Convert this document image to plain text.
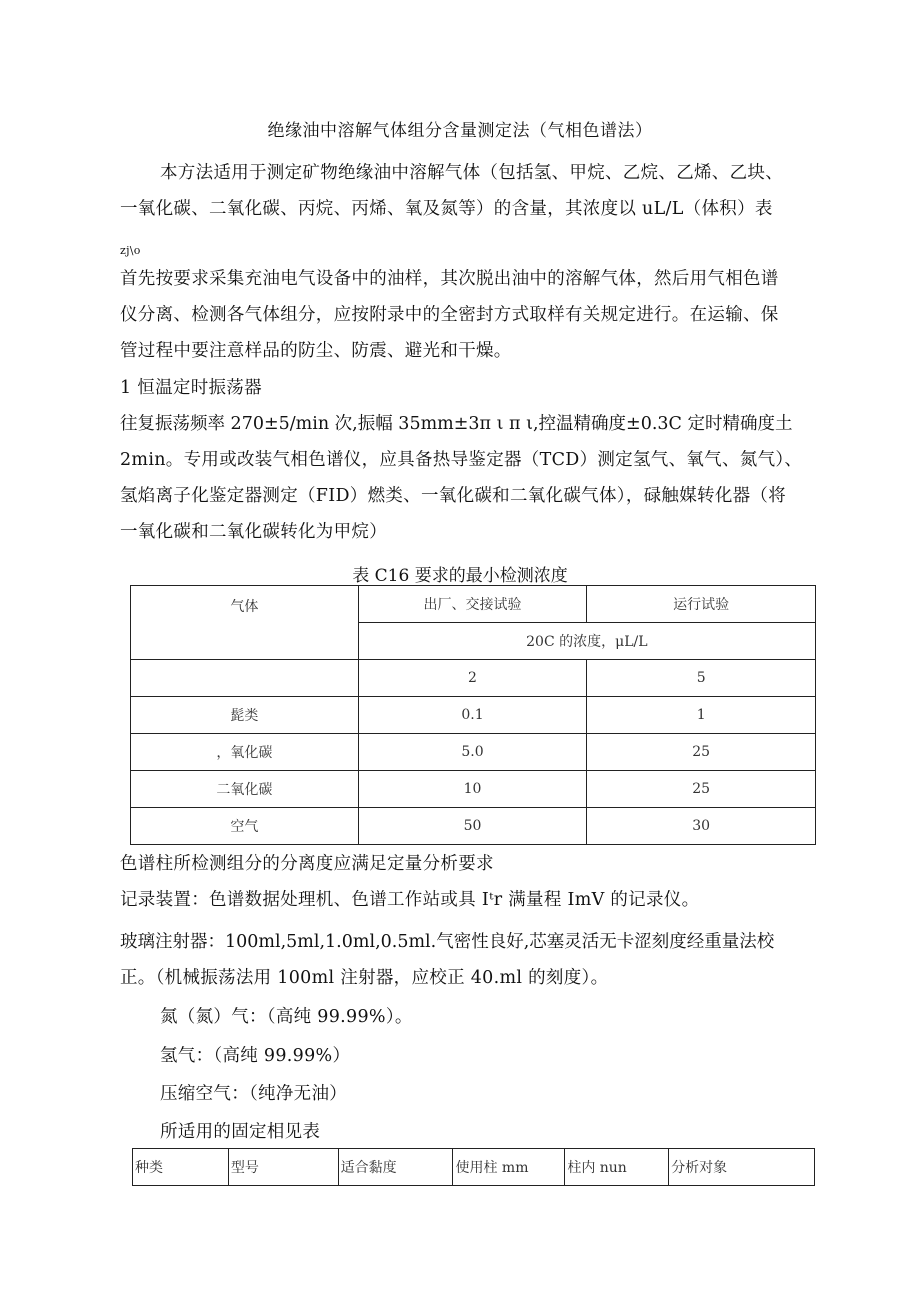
绝缘油中溶解气体组分含量测定法（气相色谱法）
本方法适用于测定矿物绝缘油中溶解气体（包括氢、甲烷、乙烷、乙烯、乙块、
一氧化碳、二氧化碳、丙烷、丙烯、氧及氮等）的含量，其浓度以 uL/L（体积）表
zj\o
首先按要求采集充油电气设备中的油样，其次脱出油中的溶解气体，然后用气相色谱
仪分离、检测各气体组分，应按附录中的全密封方式取样有关规定进行。在运输、保
管过程中要注意样品的防尘、防震、避光和干燥。
1 恒温定时振荡器
往复振荡频率 270±5/min 次,振幅 35mm±3π ι π ι,控温精确度±0.3C 定时精确度土
2min。专用或改装气相色谱仪，应具备热导鉴定器（TCD）测定氢气、氧气、氮气）、
氢焰离子化鉴定器测定（FID）燃类、一氧化碳和二氧化碳气体），碌触媒转化器（将
一氧化碳和二氧化碳转化为甲烷）
表 C16 要求的最小检测浓度
气体	出厂、交接试验	运行试验
	20C 的浓度，μL/L	
	2	5
髭类	0.1	1
，氧化碳	5.0	25
二氧化碳	10	25
空气	50	30
色谱柱所检测组分的分离度应满足定量分析要求
记录装置：色谱数据处理机、色谱工作站或具 Iᵗr 满量程 ImV 的记录仪。
玻璃注射器：100ml,5ml,1.0ml,0.5ml.气密性良好,芯塞灵活无卡涩刻度经重量法校
正。（机械振荡法用 100ml 注射器，应校正 40.ml 的刻度）。
氮（氮）气：（高纯 99.99%）。
氢气：（高纯 99.99%）
压缩空气：（纯净无油）
所适用的固定相见表
种类	型号	适合黏度	使用柱 mm	柱内 nun	分析对象
